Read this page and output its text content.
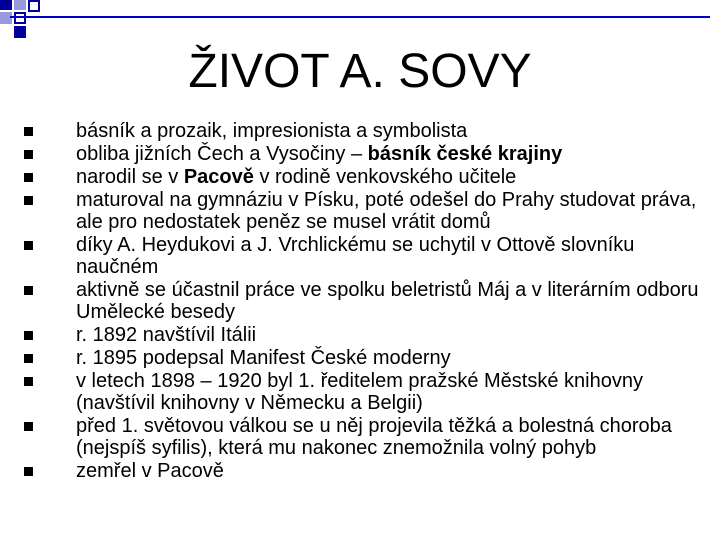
ŽIVOT A. SOVY
básník a prozaik, impresionista a symbolista
obliba jižních Čech a Vysočiny – básník české krajiny
narodil se v Pacově v rodině venkovského učitele
maturoval na gymnáziu v Písku, poté odešel do Prahy studovat práva, ale pro nedostatek peněz se musel vrátit domů
díky A. Heydukovi a J. Vrchlickému se uchytil v Ottově slovníku naučném
aktivně se účastnil práce ve spolku beletristů Máj a v literárním odboru Umělecké besedy
r. 1892 navštívil Itálii
r. 1895 podepsal Manifest České moderny
v letech 1898 – 1920 byl 1. ředitelem pražské Městské knihovny (navštívil knihovny v Německu a Belgii)
před 1. světovou válkou se u něj projevila těžká a bolestná choroba (nejspíš syfilis), která mu nakonec znemožnila volný pohyb
zemřel v Pacově
